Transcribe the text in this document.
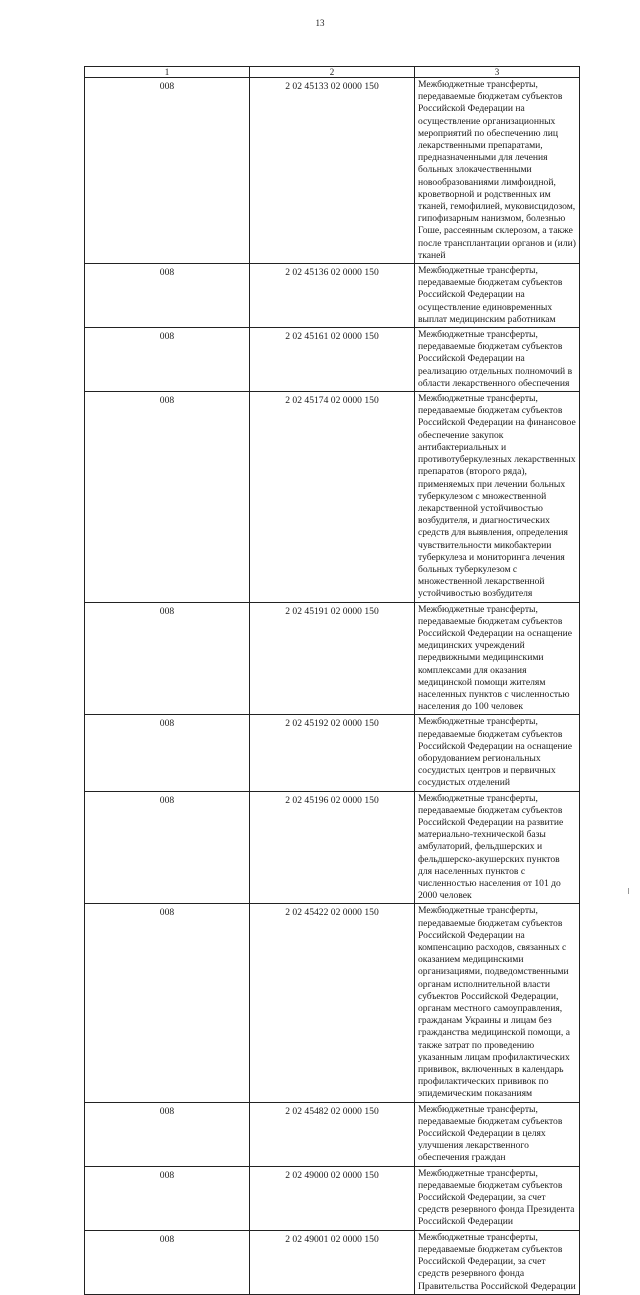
13
1	2	3
008	2 02 45133 02 0000 150	Межбюджетные трансферты, передаваемые бюджетам субъектов Российской Федерации на осуществление организационных мероприятий по обеспечению лиц лекарственными препаратами, предназначенными для лечения больных злокачественными новообразованиями лимфоидной, кроветворной и родственных им тканей, гемофилией, муковисцидозом, гипофизарным нанизмом, болезнью Гоше, рассеянным склерозом, а также после трансплантации органов и (или) тканей
008	2 02 45136 02 0000 150	Межбюджетные трансферты, передаваемые бюджетам субъектов Российской Федерации на осуществление единовременных выплат медицинским работникам
008	2 02 45161 02 0000 150	Межбюджетные трансферты, передаваемые бюджетам субъектов Российской Федерации на реализацию отдельных полномочий в области лекарственного обеспечения
008	2 02 45174 02 0000 150	Межбюджетные трансферты, передаваемые бюджетам субъектов Российской Федерации на финансовое обеспечение закупок антибактериальных и противотуберкулезных лекарственных препаратов (второго ряда), применяемых при лечении больных туберкулезом с множественной лекарственной устойчивостью возбудителя, и диагностических средств для выявления, определения чувствительности микобактерии туберкулеза и мониторинга лечения больных туберкулезом с множественной лекарственной устойчивостью возбудителя
008	2 02 45191 02 0000 150	Межбюджетные трансферты, передаваемые бюджетам субъектов Российской Федерации на оснащение медицинских учреждений передвижными медицинскими комплексами для оказания медицинской помощи жителям населенных пунктов с численностью населения до 100 человек
008	2 02 45192 02 0000 150	Межбюджетные трансферты, передаваемые бюджетам субъектов Российской Федерации на оснащение оборудованием региональных сосудистых центров и первичных сосудистых отделений
008	2 02 45196 02 0000 150	Межбюджетные трансферты, передаваемые бюджетам субъектов Российской Федерации на развитие материально-технической базы амбулаторий, фельдшерских и фельдшерско-акушерских пунктов для населенных пунктов с численностью населения от 101 до 2000 человек
008	2 02 45422 02 0000 150	Межбюджетные трансферты, передаваемые бюджетам субъектов Российской Федерации на компенсацию расходов, связанных с оказанием медицинскими организациями, подведомственными органам исполнительной власти субъектов Российской Федерации, органам местного самоуправления, гражданам Украины и лицам без гражданства медицинской помощи, а также затрат по проведению указанным лицам профилактических прививок, включенных в календарь профилактических прививок по эпидемическим показаниям
008	2 02 45482 02 0000 150	Межбюджетные трансферты, передаваемые бюджетам субъектов Российской Федерации в целях улучшения лекарственного обеспечения граждан
008	2 02 49000 02 0000 150	Межбюджетные трансферты, передаваемые бюджетам субъектов Российской Федерации, за счет средств резервного фонда Президента Российской Федерации
008	2 02 49001 02 0000 150	Межбюджетные трансферты, передаваемые бюджетам субъектов Российской Федерации, за счет средств резервного фонда Правительства Российской Федерации
